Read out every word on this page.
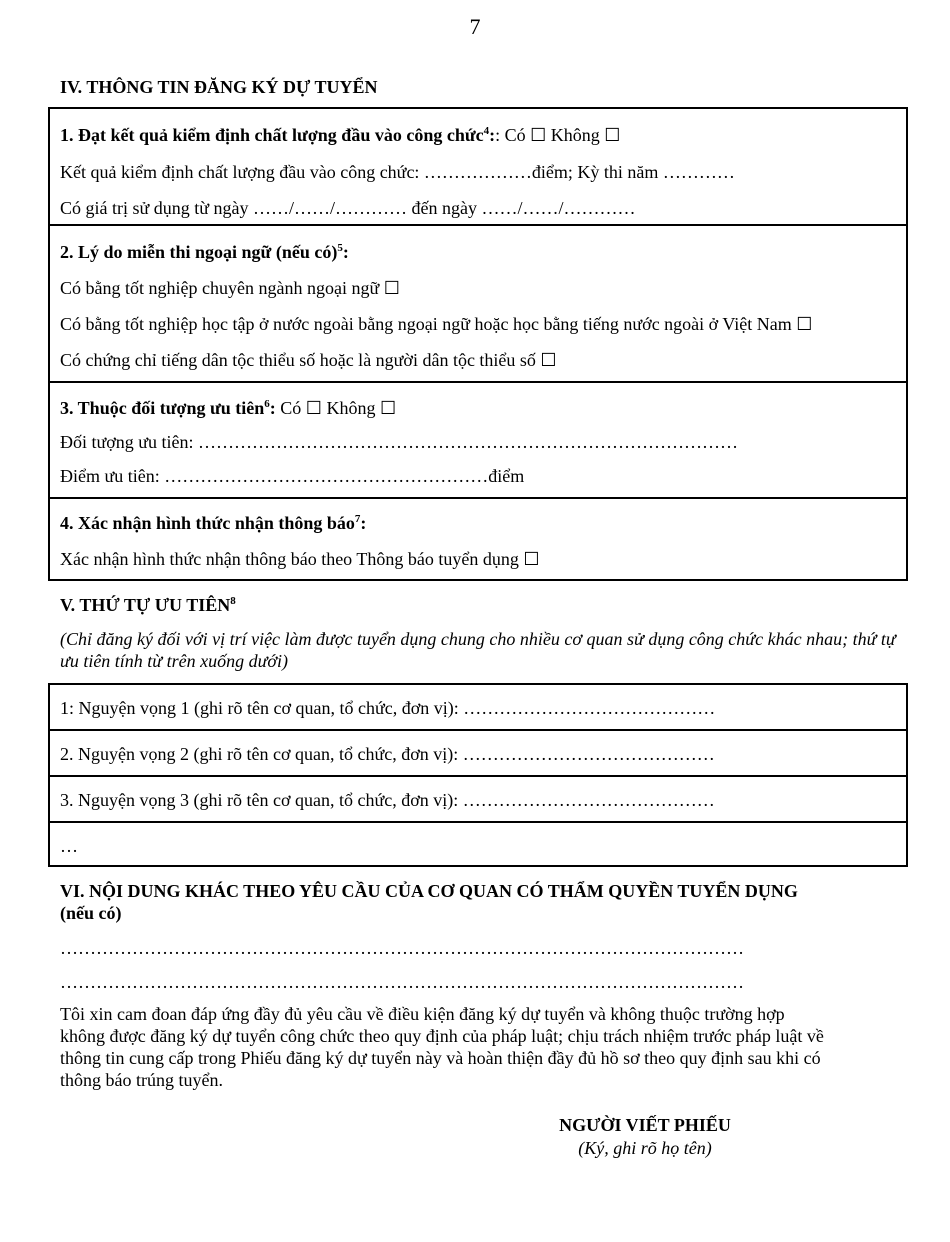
7
IV. THÔNG TIN ĐĂNG KÝ DỰ TUYỂN
1. Đạt kết quả kiểm định chất lượng đầu vào công chức$^4$:: Có ☐ Không ☐
Kết quả kiểm định chất lượng đầu vào công chức: ………………điểm; Kỳ thi năm …………
Có giá trị sử dụng từ ngày ……/……/………… đến ngày ……/……/…………
2. Lý do miễn thi ngoại ngữ (nếu có)$^5$:
Có bằng tốt nghiệp chuyên ngành ngoại ngữ ☐
Có bằng tốt nghiệp học tập ở nước ngoài bằng ngoại ngữ hoặc học bằng tiếng nước ngoài ở Việt Nam ☐
Có chứng chỉ tiếng dân tộc thiểu số hoặc là người dân tộc thiểu số ☐
3. Thuộc đối tượng ưu tiên$^6$: Có ☐ Không ☐
Đối tượng ưu tiên: ………………………………………………………………………………
Điểm ưu tiên: ………………………………………………điểm
4. Xác nhận hình thức nhận thông báo$^7$:
Xác nhận hình thức nhận thông báo theo Thông báo tuyển dụng ☐
V. THỨ TỰ ƯU TIÊN$^8$
(Chỉ đăng ký đối với vị trí việc làm được tuyển dụng chung cho nhiều cơ quan sử dụng công chức khác nhau; thứ tự ưu tiên tính từ trên xuống dưới)
1: Nguyện vọng 1 (ghi rõ tên cơ quan, tổ chức, đơn vị): ……………………………………
2. Nguyện vọng 2 (ghi rõ tên cơ quan, tổ chức, đơn vị): ……………………………………
3. Nguyện vọng 3 (ghi rõ tên cơ quan, tổ chức, đơn vị): ……………………………………
…
VI. NỘI DUNG KHÁC THEO YÊU CẦU CỦA CƠ QUAN CÓ THẨM QUYỀN TUYỂN DỤNG
(nếu có)
……………………………………………………………………………………………………
……………………………………………………………………………………………………
Tôi xin cam đoan đáp ứng đầy đủ yêu cầu về điều kiện đăng ký dự tuyển và không thuộc trường hợp
không được đăng ký dự tuyển công chức theo quy định của pháp luật; chịu trách nhiệm trước pháp luật về
thông tin cung cấp trong Phiếu đăng ký dự tuyển này và hoàn thiện đầy đủ hồ sơ theo quy định sau khi có
thông báo trúng tuyển.
NGƯỜI VIẾT PHIẾU
(Ký, ghi rõ họ tên)
